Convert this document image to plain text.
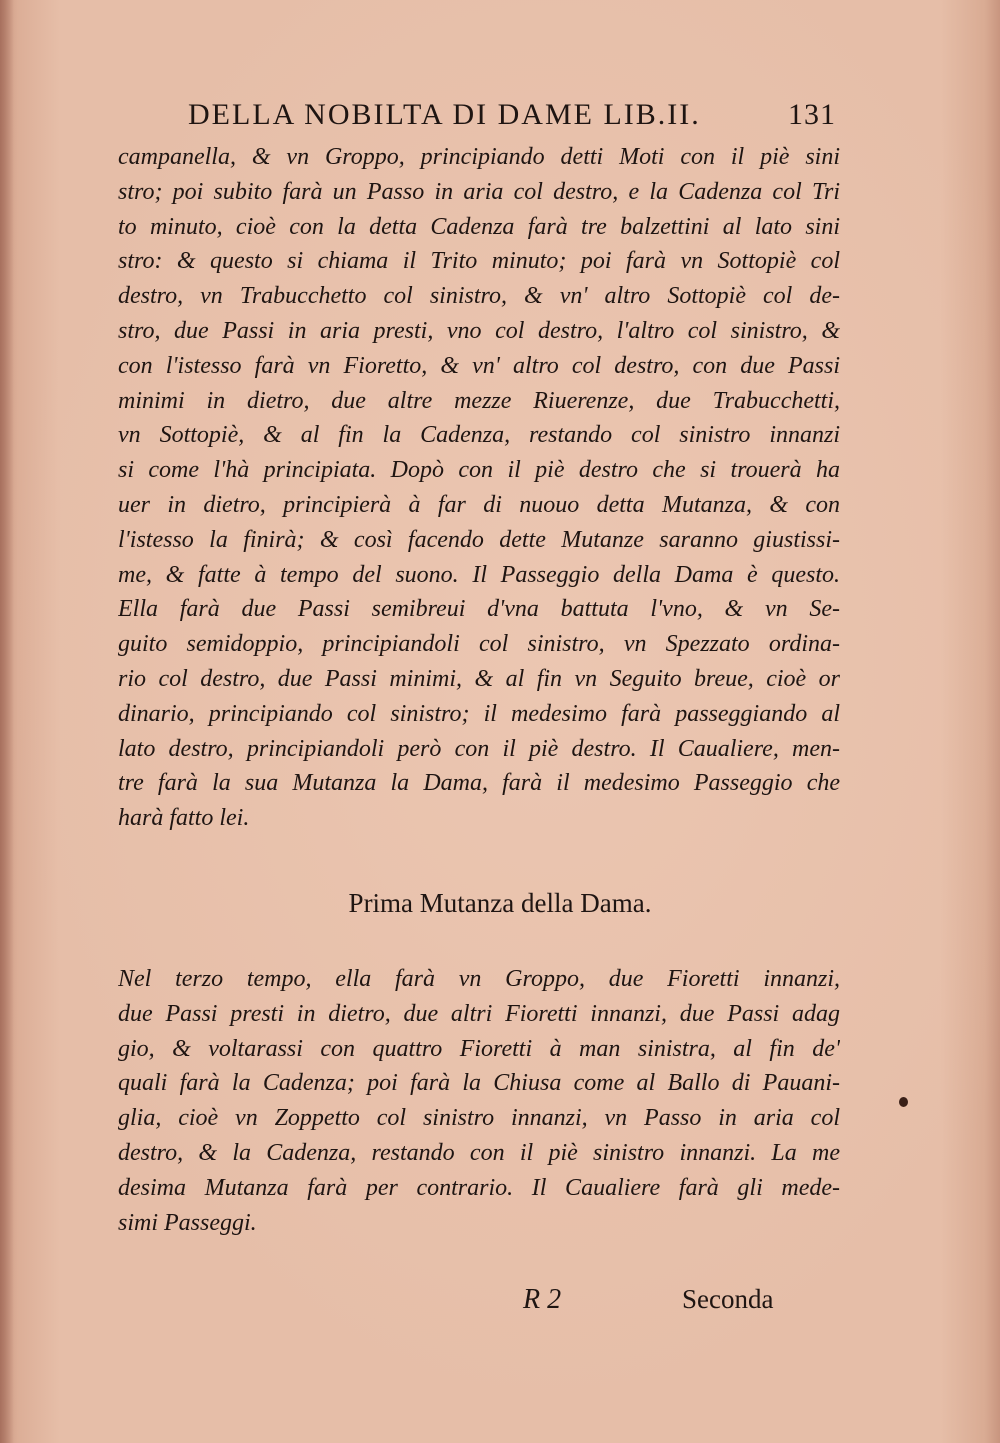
DELLA NOBILTA DI DAME LIB.II.	131
campanella, & vn Groppo, principiando detti Moti con il piè sini
stro; poi subito farà un Passo in aria col destro, e la Cadenza col Tri
to minuto, cioè con la detta Cadenza farà tre balzettini al lato sini
stro: & questo si chiama il Trito minuto; poi farà vn Sottopiè col
destro, vn Trabucchetto col sinistro, & vn' altro Sottopiè col de-
stro, due Passi in aria presti, vno col destro, l'altro col sinistro, &
con l'istesso farà vn Fioretto, & vn' altro col destro, con due Passi
minimi in dietro, due altre mezze Riuerenze, due Trabucchetti,
vn Sottopiè, & al fin la Cadenza, restando col sinistro innanzi
si come l'hà principiata. Dopò con il piè destro che si trouerà ha
uer in dietro, principierà à far di nuouo detta Mutanza, & con
l'istesso la finirà; & così facendo dette Mutanze saranno giustissi-
me, & fatte à tempo del suono. Il Passeggio della Dama è questo.
Ella farà due Passi semibreui d'vna battuta l'vno, & vn Se-
guito semidoppio, principiandoli col sinistro, vn Spezzato ordina-
rio col destro, due Passi minimi, & al fin vn Seguito breue, cioè or
dinario, principiando col sinistro; il medesimo farà passeggiando al
lato destro, principiandoli però con il piè destro. Il Caualiere, men-
tre farà la sua Mutanza la Dama, farà il medesimo Passeggio che
harà fatto lei.
Prima Mutanza della Dama.
Nel terzo tempo, ella farà vn Groppo, due Fioretti innanzi,
due Passi presti in dietro, due altri Fioretti innanzi, due Passi adag
gio, & voltarassi con quattro Fioretti à man sinistra, al fin de'
quali farà la Cadenza; poi farà la Chiusa come al Ballo di Pauani-
glia, cioè vn Zoppetto col sinistro innanzi, vn Passo in aria col
destro, & la Cadenza, restando con il piè sinistro innanzi. La me
desima Mutanza farà per contrario. Il Caualiere farà gli mede-
simi Passeggi.
R 2	Seconda
